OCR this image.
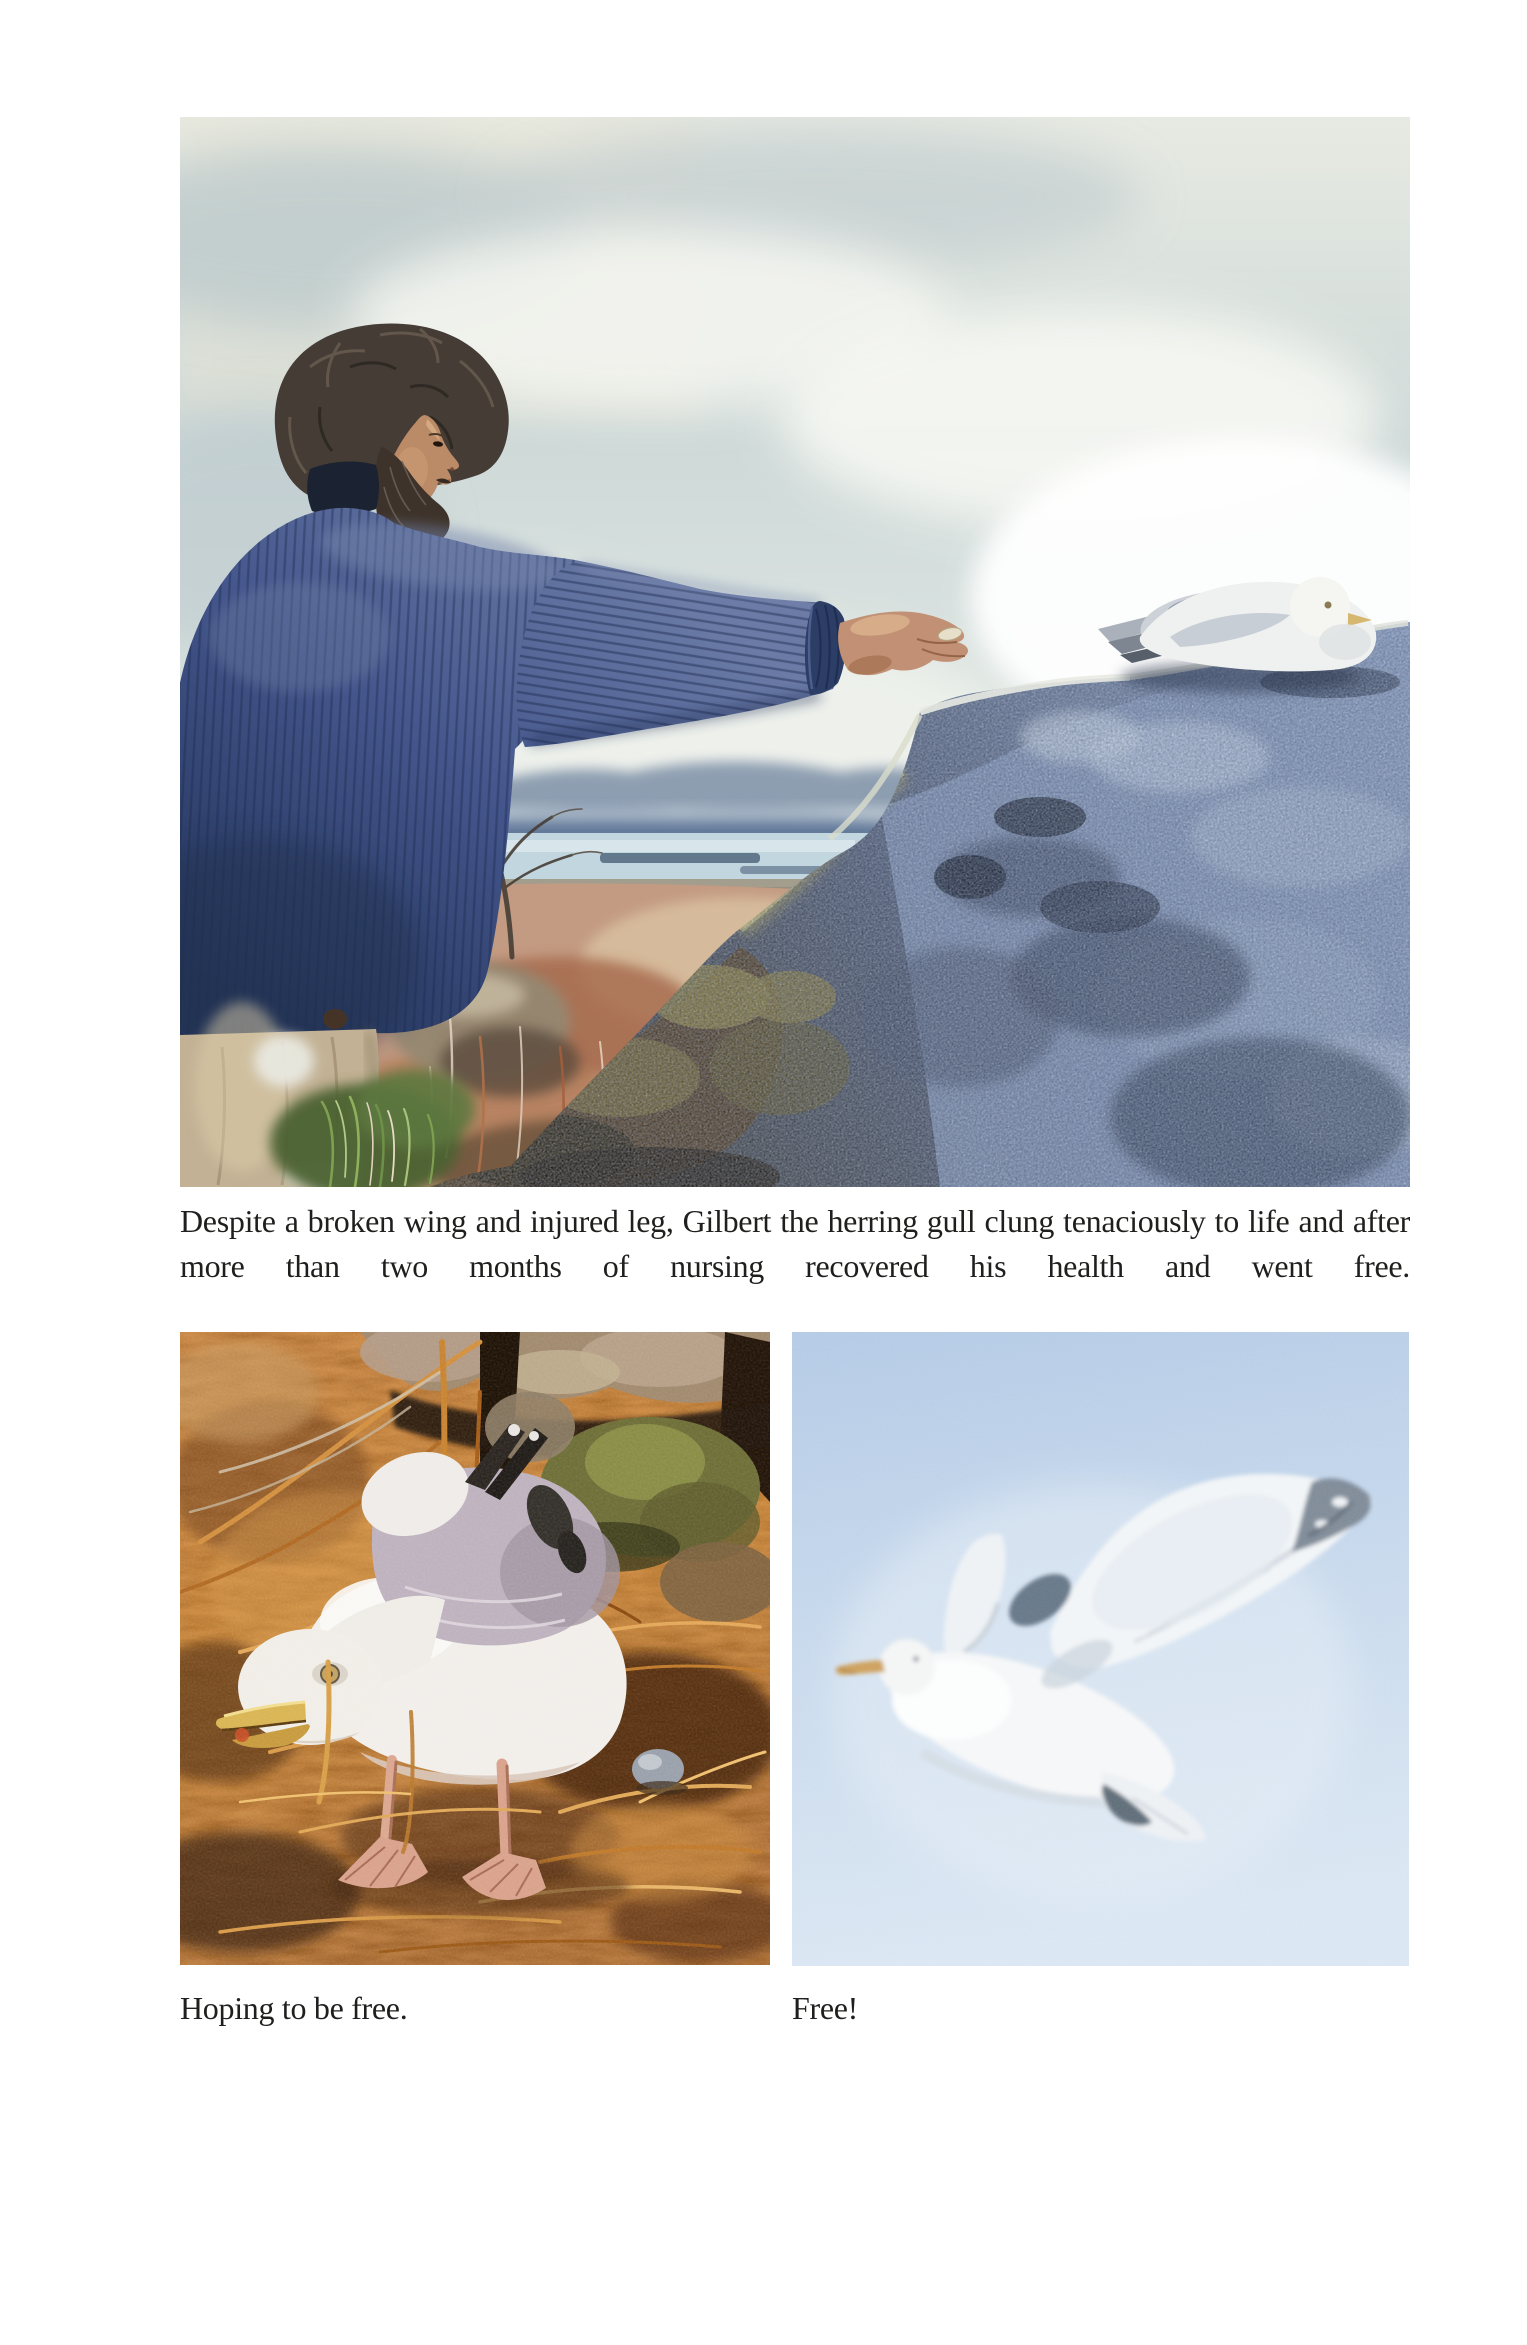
Despite a broken wing and injured leg, Gilbert the herring gull clung tenaciously to life and after more than two months of nursing recovered his health and went free.

Hoping to be free.	Free!
